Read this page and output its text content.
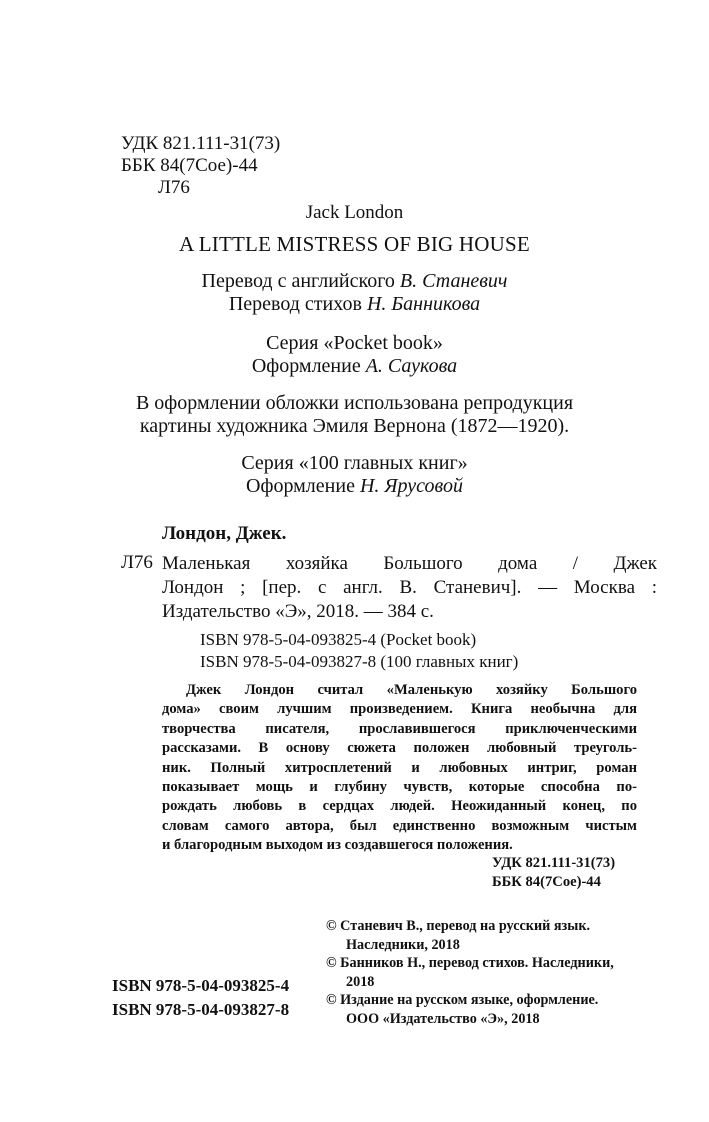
УДК 821.111-31(73)
ББК 84(7Сое)-44
Л76
Jack London
A LITTLE MISTRESS OF BIG HOUSE
Перевод с английского В. Станевич
Перевод стихов Н. Банникова
Серия «Pocket book»
Оформление А. Саукова
В оформлении обложки использована репродукция
картины художника Эмиля Вернона (1872—1920).
Серия «100 главных книг»
Оформление Н. Ярусовой
Лондон, Джек.
Л76 Маленькая хозяйка Большого дома / Джек
Лондон ; [пер. с англ. В. Станевич]. — Москва :
Издательство «Э», 2018. — 384 с.
ISBN 978-5-04-093825-4 (Pocket book)
ISBN 978-5-04-093827-8 (100 главных книг)
Джек Лондон считал «Маленькую хозяйку Большого
дома» своим лучшим произведением. Книга необычна для
творчества писателя, прославившегося приключенческими
рассказами. В основу сюжета положен любовный треуголь-
ник. Полный хитросплетений и любовных интриг, роман
показывает мощь и глубину чувств, которые способна по-
рождать любовь в сердцах людей. Неожиданный конец, по
словам самого автора, был единственно возможным чистым
и благородным выходом из создавшегося положения.
УДК 821.111-31(73)
ББК 84(7Сое)-44
© Станевич В., перевод на русский язык.
Наследники, 2018
© Банников Н., перевод стихов. Наследники,
2018
© Издание на русском языке, оформление.
ООО «Издательство «Э», 2018
ISBN 978-5-04-093825-4
ISBN 978-5-04-093827-8
